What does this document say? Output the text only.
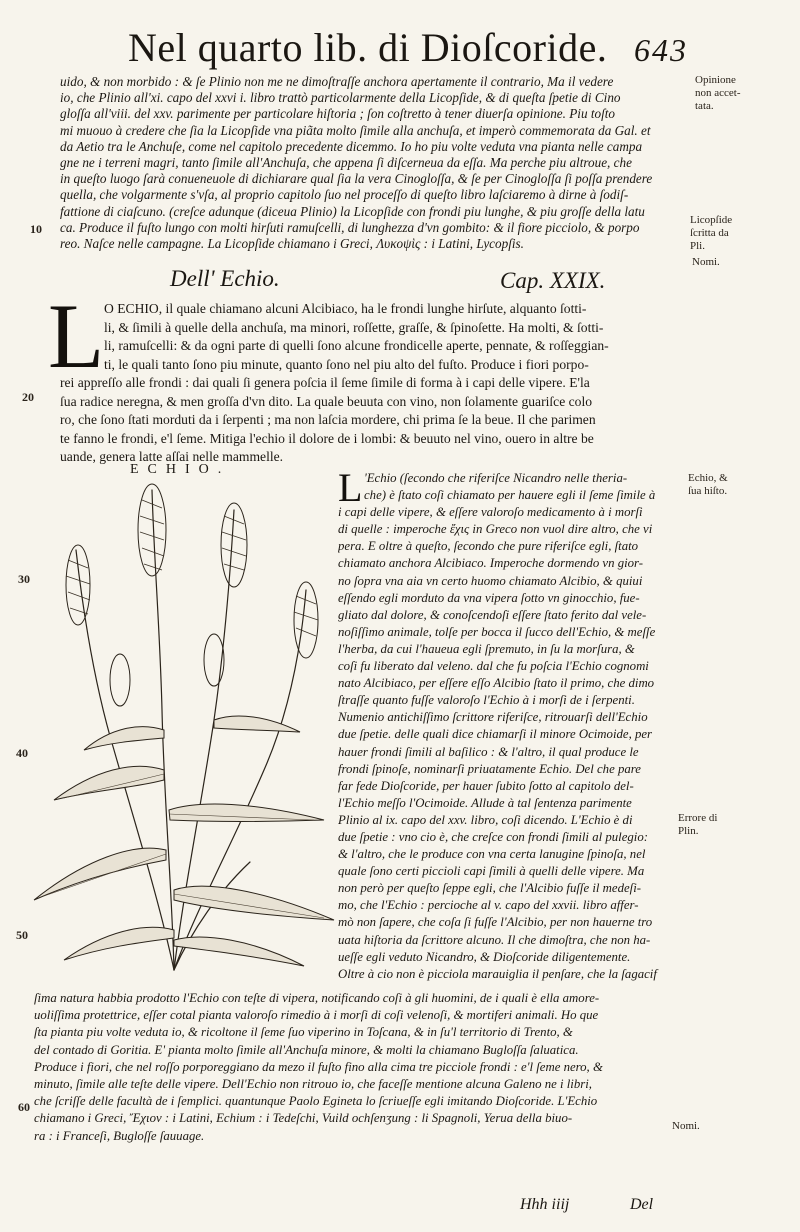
Nel quarto lib. di Dioſcoride. 643
uido, & non morbido : & ſe Plinio non me ne dimoſtraſſe anchora apertamente il contrario, Ma il vedere
io, che Plinio all'xi. capo del xxvi i. libro trattò particolarmente della Licopſide, & di queſta ſpetie di Cino
gloſſa all'viii. del xxv. parimente per particolare hiſtoria ; ſon coſtretto à tener diuerſa opinione. Piu toſto
mi muouo à credere che ſia la Licopſide vna piãta molto ſimile alla anchuſa, et imperò commemorata da Gal. et
da Aetio tra le Anchuſe, come nel capitolo precedente dicemmo. Io ho piu volte veduta vna pianta nelle campa
gne ne i terreni magri, tanto ſimile all'Anchuſa, che appena ſi diſcerneua da eſſa. Ma perche piu altroue, che
in queſto luogo ſarà conueneuole di dichiarare qual ſia la vera Cinogloſſa, & ſe per Cinogloſſa ſi poſſa prendere
quella, che volgarmente s'vſa, al proprio capitolo ſuo nel proceſſo di queſto libro laſciaremo à dirne à ſodiſ-
fattione di ciaſcuno. (creſce adunque (diceua Plinio) la Licopſide con frondi piu lunghe, & piu groſſe della latu
ca. Produce il fuſto lungo con molti hirſuti ramuſcelli, di lunghezza d'vn gombito: & il fiore picciolo, & porpo
reo. Naſce nelle campagne. La Licopſide chiamano i Greci, Λυκοψὶς : i Latini, Lycopſis.
Opinione
non accet-
tata.
Licopſide
ſcritta da
Pli.
Nomi.
10
Dell' Echio.	Cap. XXIX.
L O ECHIO, il quale chiamano alcuni Alcibiaco, ha le frondi lunghe hirſute, alquanto ſotti-
li, & ſimili à quelle della anchuſa, ma minori, roſſette, graſſe, & ſpinoſette. Ha molti, & ſotti-
li, ramuſcelli: & da ogni parte di quelli ſono alcune frondicelle aperte, pennate, & roſſeggian-
ti, le quali tanto ſono piu minute, quanto ſono nel piu alto del fuſto. Produce i fiori porpo-
rei appreſſo alle frondi : dai quali ſi genera poſcia il ſeme ſimile di forma à i capi delle vipere. E'la
ſua radice neregna, & men groſſa d'vn dito. La quale beuuta con vino, non ſolamente guariſce colo
ro, che ſono ſtati morduti da i ſerpenti ; ma non laſcia mordere, chi prima ſe la beue. Il che parimen
te fanno le frondi, e'l ſeme. Mitiga l'echio il dolore de i lombi: & beuuto nel vino, ouero in altre be
uande, genera latte aſſai nelle mammelle.
20
ECHIO.
30
40
50
L 'Echio (ſecondo che riferiſce Nicandro nelle theria-
che) è ſtato coſi chiamato per hauere egli il ſeme ſimile à
i capi delle vipere, & eſſere valoroſo medicamento à i morſi
di quelle : imperoche ἔχις in Greco non vuol dire altro, che vi
pera. E oltre à queſto, ſecondo che pure riferiſce egli, ſtato
chiamato anchora Alcibiaco. Imperoche dormendo vn gior-
no ſopra vna aia vn certo huomo chiamato Alcibio, & quiui
eſſendo egli morduto da vna vipera ſotto vn ginocchio, fue-
gliato dal dolore, & conoſcendoſi eſſere ſtato ferito dal vele-
noſiſſimo animale, tolſe per bocca il ſucco dell'Echio, & meſſe
l'herba, da cui l'haueua egli ſpremuto, in ſu la morſura, &
coſi fu liberato dal veleno. dal che fu poſcia l'Echio cognomi
nato Alcibiaco, per eſſere eſſo Alcibio ſtato il primo, che dimo
ſtraſſe quanto fuſſe valoroſo l'Echio à i morſi de i ſerpenti.
Numenio antichiſſimo ſcrittore riferiſce, ritrouarſi dell'Echio
due ſpetie. delle quali dice chiamarſi il minore Ocimoide, per
hauer frondi ſimili al baſilico : & l'altro, il qual produce le
frondi ſpinoſe, nominarſi priuatamente Echio. Del che pare
far fede Dioſcoride, per hauer ſubito ſotto al capitolo del-
l'Echio meſſo l'Ocimoide. Allude à tal ſentenza parimente
Plinio al ix. capo del xxv. libro, coſi dicendo. L'Echio è di
due ſpetie : vno cio è, che creſce con frondi ſimili al pulegio:
& l'altro, che le produce con vna certa lanugine ſpinoſa, nel
quale ſono certi piccioli capi ſimili à quelli delle vipere. Ma
non però per queſto ſeppe egli, che l'Alcibio fuſſe il medeſi-
mo, che l'Echio : percioche al v. capo del xxvii. libro affer-
mò non ſapere, che coſa ſi fuſſe l'Alcibio, per non hauerne tro
uata hiſtoria da ſcrittore alcuno. Il che dimoſtra, che non ha-
ueſſe egli veduto Nicandro, & Dioſcoride diligentemente.
Oltre à cio non è picciola marauiglia il penſare, che la ſagacif
Echio, &
ſua hiſto.
Errore di
Plin.
ſima natura habbia prodotto l'Echio con teſte di vipera, notificando coſi à gli huomini, de i quali è ella amore-
uoliſſima protettrice, eſſer cotal pianta valoroſo rimedio à i morſi di coſi velenoſi, & mortiferi animali. Ho que
ſta pianta piu volte veduta io, & ricoltone il ſeme ſuo viperino in Toſcana, & in ſu'l territorio di Trento, &
del contado di Goritia. E' pianta molto ſimile all'Anchuſa minore, & molti la chiamano Bugloſſa ſaluatica.
Produce i fiori, che nel roſſo porporeggiano da mezo il fuſto fino alla cima tre picciole frondi : e'l ſeme nero, &
minuto, ſimile alle teſte delle vipere. Dell'Echio non ritrouo io, che faceſſe mentione alcuna Galeno ne i libri,
che ſcriſſe delle facultà de i ſemplici. quantunque Paolo Egineta lo ſcriueſſe egli imitando Dioſcoride. L'Echio
chiamano i Greci, Ἔχιον : i Latini, Echium : i Tedeſchi, Vuild ochſenʒung : li Spagnoli, Yerua della biuo-
ra : i Franceſi, Bugloſſe ſauuage.
60
Nomi.
Hhh iiij	Del
